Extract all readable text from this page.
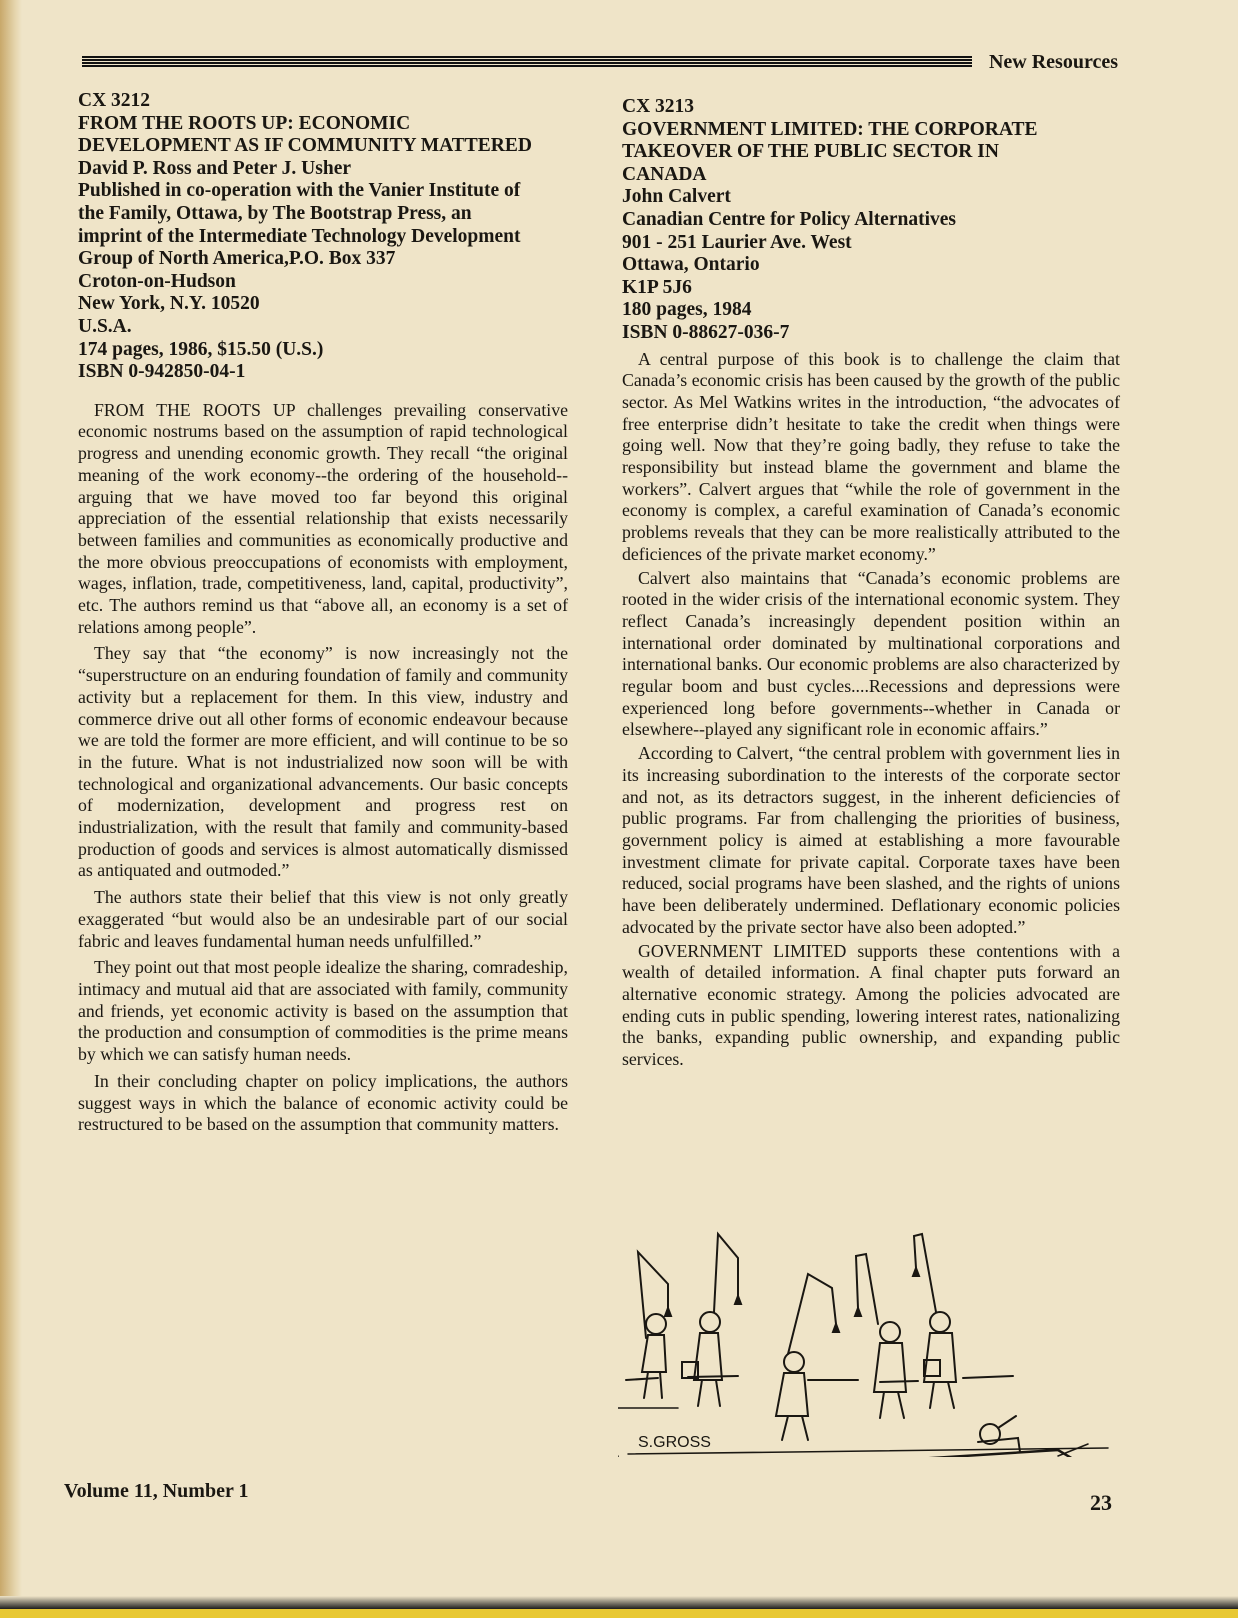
New Resources
CX 3212
FROM THE ROOTS UP: ECONOMIC
DEVELOPMENT AS IF COMMUNITY MATTERED
David P. Ross and Peter J. Usher
Published in co-operation with the Vanier Institute of
the Family, Ottawa, by The Bootstrap Press, an
imprint of the Intermediate Technology Development
Group of North America,P.O. Box 337
Croton-on-Hudson
New York, N.Y. 10520
U.S.A.
174 pages, 1986, $15.50 (U.S.)
ISBN 0-942850-04-1

FROM THE ROOTS UP challenges prevailing conservative economic nostrums based on the assumption of rapid technological progress and unending economic growth. They recall “the original meaning of the work economy--the ordering of the household--arguing that we have moved too far beyond this original appreciation of the essential relationship that exists necessarily between families and communities as economically productive and the more obvious preoccupations of economists with employment, wages, inflation, trade, competitiveness, land, capital, productivity”, etc. The authors remind us that “above all, an economy is a set of relations among people”.

They say that “the economy” is now increasingly not the “superstructure on an enduring foundation of family and community activity but a replacement for them. In this view, industry and commerce drive out all other forms of economic endeavour because we are told the former are more efficient, and will continue to be so in the future. What is not industrialized now soon will be with technological and organizational advancements. Our basic concepts of modernization, development and progress rest on industrialization, with the result that family and community-based production of goods and services is almost automatically dismissed as antiquated and outmoded.”

The authors state their belief that this view is not only greatly exaggerated “but would also be an undesirable part of our social fabric and leaves fundamental human needs unfulfilled.”

They point out that most people idealize the sharing, comradeship, intimacy and mutual aid that are associated with family, community and friends, yet economic activity is based on the assumption that the production and consumption of commodities is the prime means by which we can satisfy human needs.

In their concluding chapter on policy implications, the authors suggest ways in which the balance of economic activity could be restructured to be based on the assumption that community matters.

CX 3213
GOVERNMENT LIMITED: THE CORPORATE
TAKEOVER OF THE PUBLIC SECTOR IN
CANADA
John Calvert
Canadian Centre for Policy Alternatives
901 - 251 Laurier Ave. West
Ottawa, Ontario
K1P 5J6
180 pages, 1984
ISBN 0-88627-036-7

A central purpose of this book is to challenge the claim that Canada’s economic crisis has been caused by the growth of the public sector. As Mel Watkins writes in the introduction, “the advocates of free enterprise didn’t hesitate to take the credit when things were going well. Now that they’re going badly, they refuse to take the responsibility but instead blame the government and blame the workers”. Calvert argues that “while the role of government in the economy is complex, a careful examination of Canada’s economic problems reveals that they can be more realistically attributed to the deficiences of the private market economy.”

Calvert also maintains that “Canada’s economic problems are rooted in the wider crisis of the international economic system. They reflect Canada’s increasingly dependent position within an international order dominated by multinational corporations and international banks. Our economic problems are also characterized by regular boom and bust cycles....Recessions and depressions were experienced long before governments--whether in Canada or elsewhere--played any significant role in economic affairs.”

According to Calvert, “the central problem with government lies in its increasing subordination to the interests of the corporate sector and not, as its detractors suggest, in the inherent deficiencies of public programs. Far from challenging the priorities of business, government policy is aimed at establishing a more favourable investment climate for private capital. Corporate taxes have been reduced, social programs have been slashed, and the rights of unions have been deliberately undermined. Deflationary economic policies advocated by the private sector have also been adopted.”

GOVERNMENT LIMITED supports these contentions with a wealth of detailed information. A final chapter puts forward an alternative economic strategy. Among the policies advocated are ending cuts in public spending, lowering interest rates, nationalizing the banks, expanding public ownership, and expanding public services.

S.GROSS
Volume 11, Number 1	23
